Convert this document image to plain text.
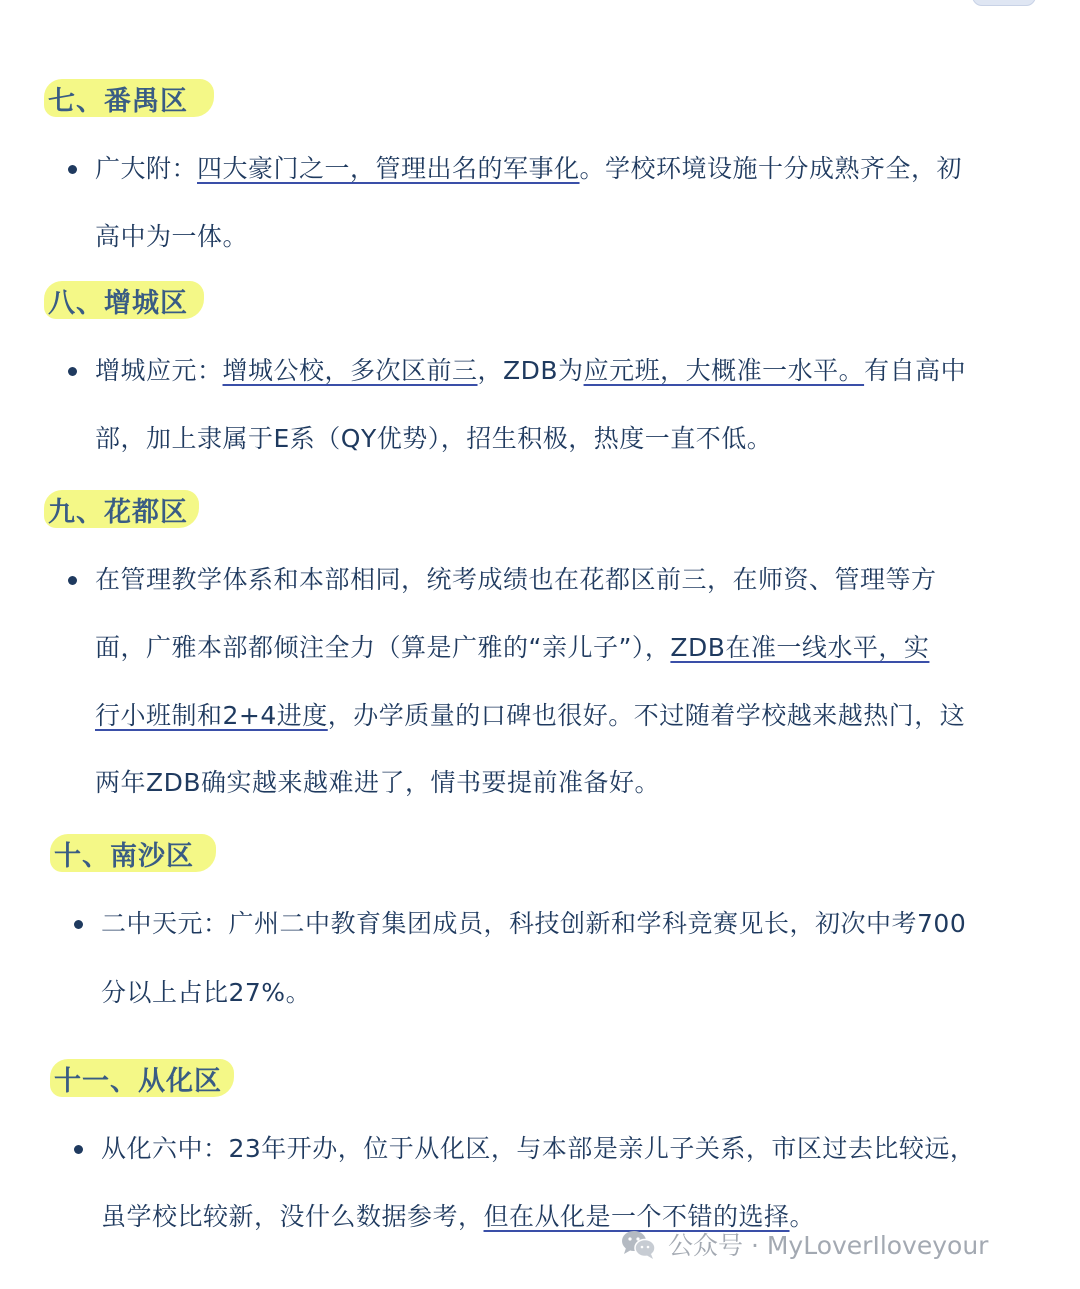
七、番禺区
广大附：四大豪门之一，管理出名的军事化。学校环境设施十分成熟齐全，初
高中为一体。
八、增城区
增城应元：增城公校，多次区前三，ZDB为应元班，大概准一水平。有自高中
部，加上隶属于E系（QY优势），招生积极，热度一直不低。
九、花都区
在管理教学体系和本部相同，统考成绩也在花都区前三，在师资、管理等方
面，广雅本部都倾注全力（算是广雅的“亲儿子”），ZDB在准一线水平，实
行小班制和2+4进度，办学质量的口碑也很好。不过随着学校越来越热门，这
两年ZDB确实越来越难进了，情书要提前准备好。
十、南沙区
二中天元：广州二中教育集团成员，科技创新和学科竞赛见长，初次中考700
分以上占比27%。
十一、从化区
从化六中：23年开办，位于从化区，与本部是亲儿子关系，市区过去比较远，
虽学校比较新，没什么数据参考，但在从化是一个不错的选择。
公众号 · MyLoverIloveyour
